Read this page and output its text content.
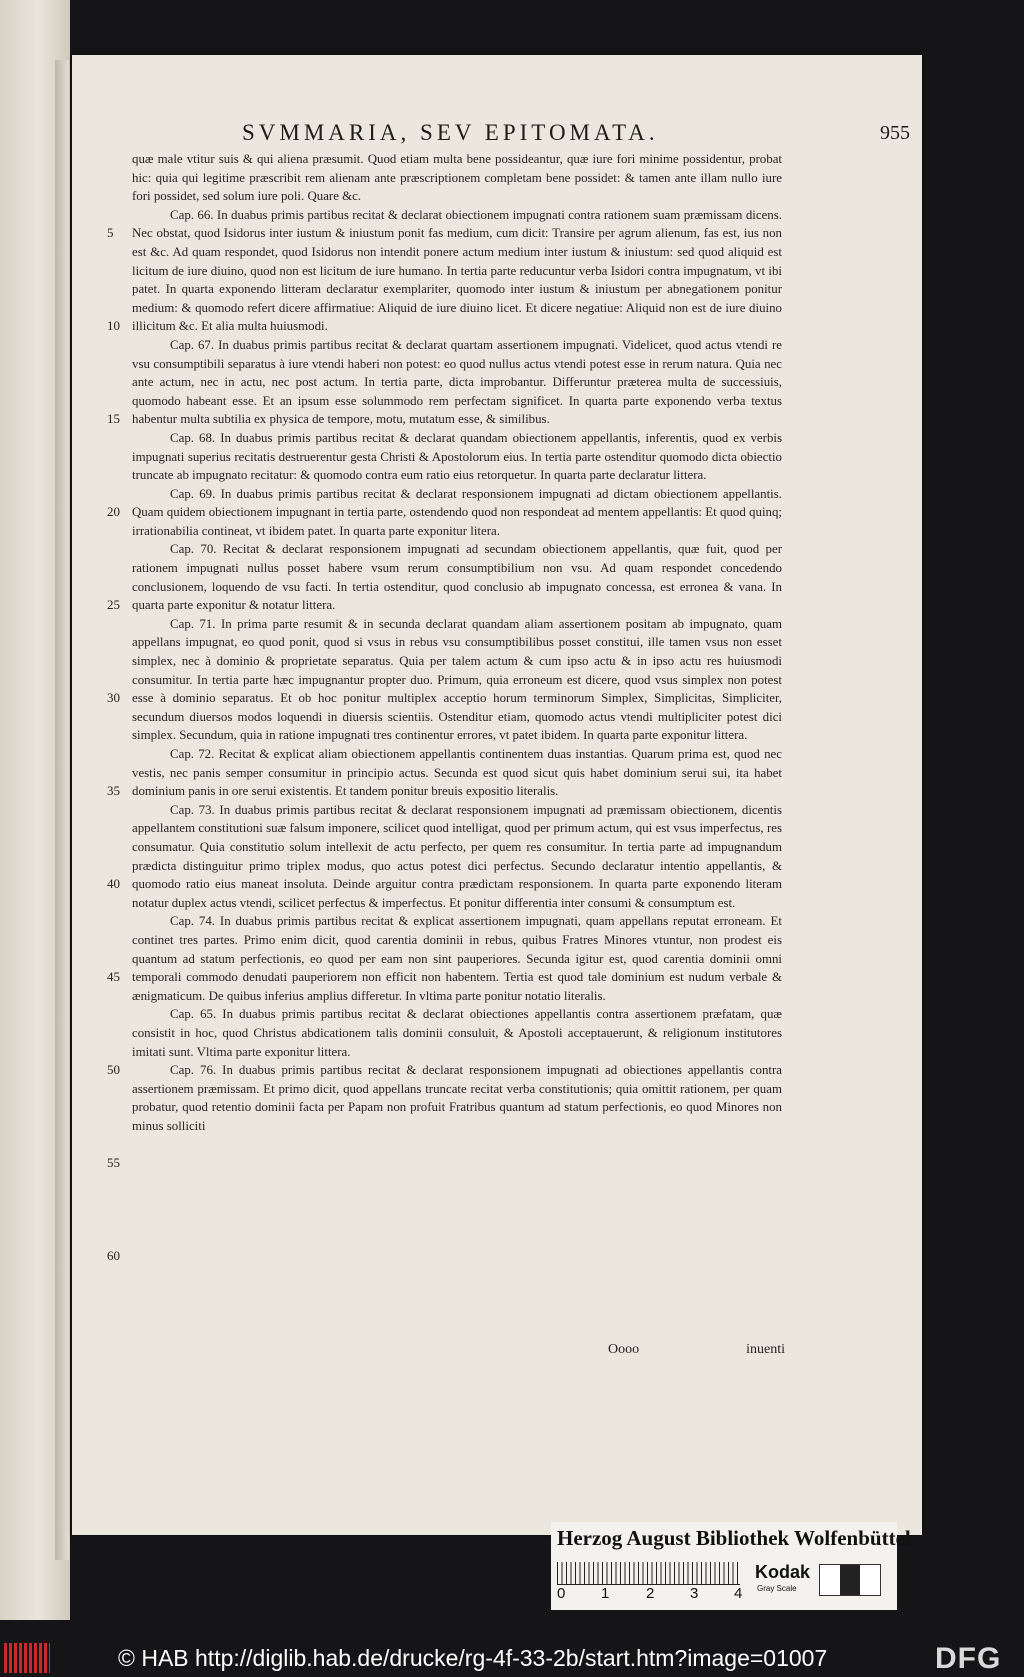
SVMMARIA, SEV EPITOMATA.	955
5
10
15
20
25
30
35
40
45
50
55
60

quæ male vtitur suis & qui aliena præsumit. Quod etiam multa bene possideantur, quæ iure fori minime possidentur, probat hic: quia qui legitime præscribit rem alienam ante præscriptionem completam bene possidet: & tamen ante illam nullo iure fori possidet, sed solum iure poli. Quare &c.

Cap. 66. In duabus primis partibus recitat & declarat obiectionem impugnati contra rationem suam præmissam dicens. Nec obstat, quod Isidorus inter iustum & iniustum ponit fas medium, cum dicit: Transire per agrum alienum, fas est, ius non est &c. Ad quam respondet, quod Isidorus non intendit ponere actum medium inter iustum & iniustum: sed quod aliquid est licitum de iure diuino, quod non est licitum de iure humano. In tertia parte reducuntur verba Isidori contra impugnatum, vt ibi patet. In quarta exponendo litteram declaratur exemplariter, quomodo inter iustum & iniustum per abnegationem ponitur medium: & quomodo refert dicere affirmatiue: Aliquid de iure diuino licet. Et dicere negatiue: Aliquid non est de iure diuino illicitum &c. Et alia multa huiusmodi.

Cap. 67. In duabus primis partibus recitat & declarat quartam assertionem impugnati. Videlicet, quod actus vtendi re vsu consumptibili separatus à iure vtendi haberi non potest: eo quod nullus actus vtendi potest esse in rerum natura. Quia nec ante actum, nec in actu, nec post actum. In tertia parte, dicta improbantur. Differuntur præterea multa de successiuis, quomodo habeant esse. Et an ipsum esse solummodo rem perfectam significet. In quarta parte exponendo verba textus habentur multa subtilia ex physica de tempore, motu, mutatum esse, & similibus.

Cap. 68. In duabus primis partibus recitat & declarat quandam obiectionem appellantis, inferentis, quod ex verbis impugnati superius recitatis destruerentur gesta Christi & Apostolorum eius. In tertia parte ostenditur quomodo dicta obiectio truncate ab impugnato recitatur: & quomodo contra eum ratio eius retorquetur. In quarta parte declaratur littera.

Cap. 69. In duabus primis partibus recitat & declarat responsionem impugnati ad dictam obiectionem appellantis. Quam quidem obiectionem impugnant in tertia parte, ostendendo quod non respondeat ad mentem appellantis: Et quod quinq; irrationabilia contineat, vt ibidem patet. In quarta parte exponitur litera.

Cap. 70. Recitat & declarat responsionem impugnati ad secundam obiectionem appellantis, quæ fuit, quod per rationem impugnati nullus posset habere vsum rerum consumptibilium non vsu. Ad quam respondet concedendo conclusionem, loquendo de vsu facti. In tertia ostenditur, quod conclusio ab impugnato concessa, est erronea & vana. In quarta parte exponitur & notatur littera.

Cap. 71. In prima parte resumit & in secunda declarat quandam aliam assertionem positam ab impugnato, quam appellans impugnat, eo quod ponit, quod si vsus in rebus vsu consumptibilibus posset constitui, ille tamen vsus non esset simplex, nec à dominio & proprietate separatus. Quia per talem actum & cum ipso actu & in ipso actu res huiusmodi consumitur. In tertia parte hæc impugnantur propter duo. Primum, quia erroneum est dicere, quod vsus simplex non potest esse à dominio separatus. Et ob hoc ponitur multiplex acceptio horum terminorum Simplex, Simplicitas, Simpliciter, secundum diuersos modos loquendi in diuersis scientiis. Ostenditur etiam, quomodo actus vtendi multipliciter potest dici simplex. Secundum, quia in ratione impugnati tres continentur errores, vt patet ibidem. In quarta parte exponitur littera.

Cap. 72. Recitat & explicat aliam obiectionem appellantis continentem duas instantias. Quarum prima est, quod nec vestis, nec panis semper consumitur in principio actus. Secunda est quod sicut quis habet dominium serui sui, ita habet dominium panis in ore serui existentis. Et tandem ponitur breuis expositio literalis.

Cap. 73. In duabus primis partibus recitat & declarat responsionem impugnati ad præmissam obiectionem, dicentis appellantem constitutioni suæ falsum imponere, scilicet quod intelligat, quod per primum actum, qui est vsus imperfectus, res consumatur. Quia constitutio solum intellexit de actu perfecto, per quem res consumitur. In tertia parte ad impugnandum prædicta distinguitur primo triplex modus, quo actus potest dici perfectus. Secundo declaratur intentio appellantis, & quomodo ratio eius maneat insoluta. Deinde arguitur contra prædictam responsionem. In quarta parte exponendo literam notatur duplex actus vtendi, scilicet perfectus & imperfectus. Et ponitur differentia inter consumi & consumptum est.

Cap. 74. In duabus primis partibus recitat & explicat assertionem impugnati, quam appellans reputat erroneam. Et continet tres partes. Primo enim dicit, quod carentia dominii in rebus, quibus Fratres Minores vtuntur, non prodest eis quantum ad statum perfectionis, eo quod per eam non sint pauperiores. Secunda igitur est, quod carentia dominii omni temporali commodo denudati pauperiorem non efficit non habentem. Tertia est quod tale dominium est nudum verbale & ænigmaticum. De quibus inferius amplius differetur. In vltima parte ponitur notatio literalis.

Cap. 65. In duabus primis partibus recitat & declarat obiectiones appellantis contra assertionem præfatam, quæ consistit in hoc, quod Christus abdicationem talis dominii consuluit, & Apostoli acceptauerunt, & religionum institutores imitati sunt. Vltima parte exponitur littera.

Cap. 76. In duabus primis partibus recitat & declarat responsionem impugnati ad obiectiones appellantis contra assertionem præmissam. Et primo dicit, quod appellans truncate recitat verba constitutionis; quia omittit rationem, per quam probatur, quod retentio dominii facta per Papam non profuit Fratribus quantum ad statum perfectionis, eo quod Minores non minus solliciti

Oooo	inuenti
Herzog August Bibliothek Wolfenbüttel
0 1 2 3 4
Kodak
Gray Scale
© HAB http://diglib.hab.de/drucke/rg-4f-33-2b/start.htm?image=01007	DFG
